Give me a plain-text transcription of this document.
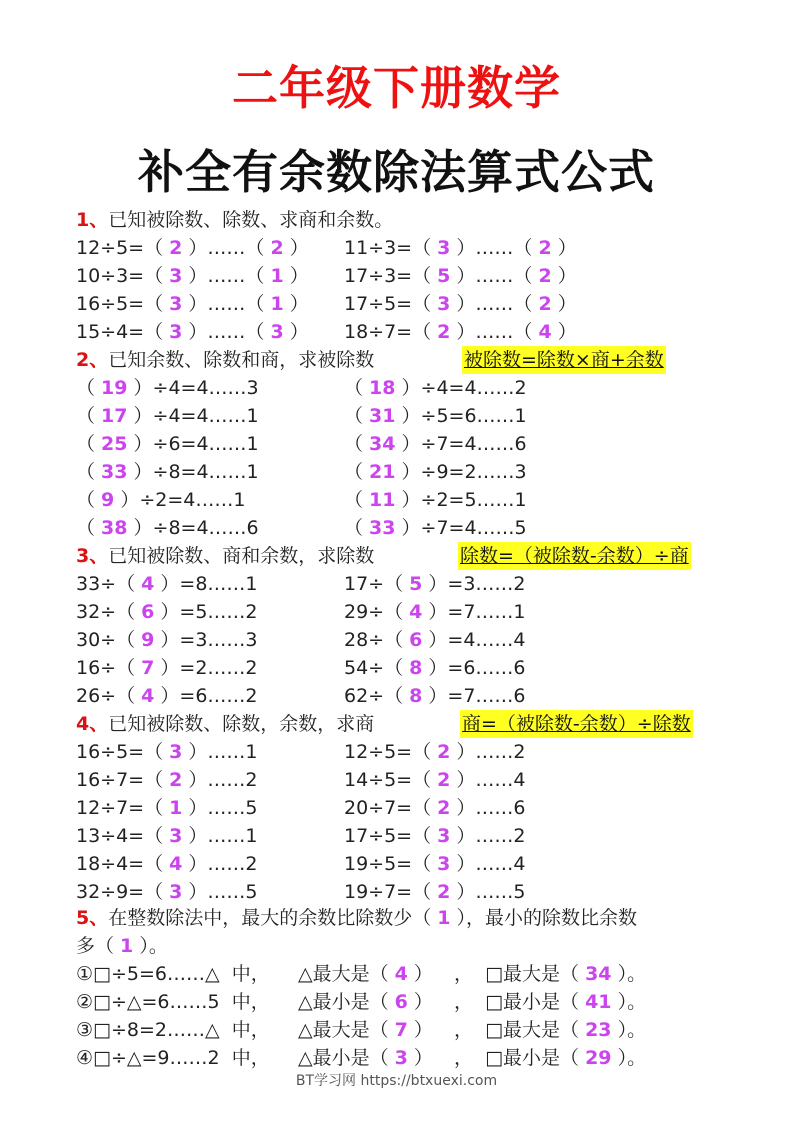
二年级下册数学
补全有余数除法算式公式
1、已知被除数、除数、求商和余数。
12÷5=（ 2 ）……（ 2 ） 11÷3=（ 3 ）……（ 2 ）
10÷3=（ 3 ）……（ 1 ） 17÷3=（ 5 ）……（ 2 ）
16÷5=（ 3 ）……（ 1 ） 17÷5=（ 3 ）……（ 2 ）
15÷4=（ 3 ）……（ 3 ） 18÷7=（ 2 ）……（ 4 ）
2、已知余数、除数和商，求被除数	被除数=除数×商+余数
（ 19 ）÷4=4……3	（ 18 ）÷4=4……2
（ 17 ）÷4=4……1	（ 31 ）÷5=6……1
（ 25 ）÷6=4……1	（ 34 ）÷7=4……6
（ 33 ）÷8=4……1	（ 21 ）÷9=2……3
（ 9 ）÷2=4……1	（ 11 ）÷2=5……1
（ 38 ）÷8=4……6	（ 33 ）÷7=4……5
3、已知被除数、商和余数，求除数	除数=（被除数-余数）÷商
33÷（ 4 ）=8……1	17÷（ 5 ）=3……2
32÷（ 6 ）=5……2	29÷（ 4 ）=7……1
30÷（ 9 ）=3……3	28÷（ 6 ）=4……4
16÷（ 7 ）=2……2	54÷（ 8 ）=6……6
26÷（ 4 ）=6……2	62÷（ 8 ）=7……6
4、已知被除数、除数，余数，求商	商=（被除数-余数）÷除数
16÷5=（ 3 ）……1	12÷5=（ 2 ）……2
16÷7=（ 2 ）……2	14÷5=（ 2 ）……4
12÷7=（ 1 ）……5	20÷7=（ 2 ）……6
13÷4=（ 3 ）……1	17÷5=（ 3 ）……2
18÷4=（ 4 ）……2	19÷5=（ 3 ）……4
32÷9=（ 3 ）……5	19÷7=（ 2 ）……5
5、在整数除法中，最大的余数比除数少（ 1 ），最小的除数比余数
多（ 1 ）。
①□÷5=6……△  中， △最大是（ 4 ） ，  □最大是（ 34 ）。
②□÷△=6……5  中， △最小是（ 6 ） ，  □最小是（ 41 ）。
③□÷8=2……△  中， △最大是（ 7 ） ，  □最大是（ 23 ）。
④□÷△=9……2  中， △最小是（ 3 ） ，  □最小是（ 29 ）。
BT学习网 https://btxuexi.com
